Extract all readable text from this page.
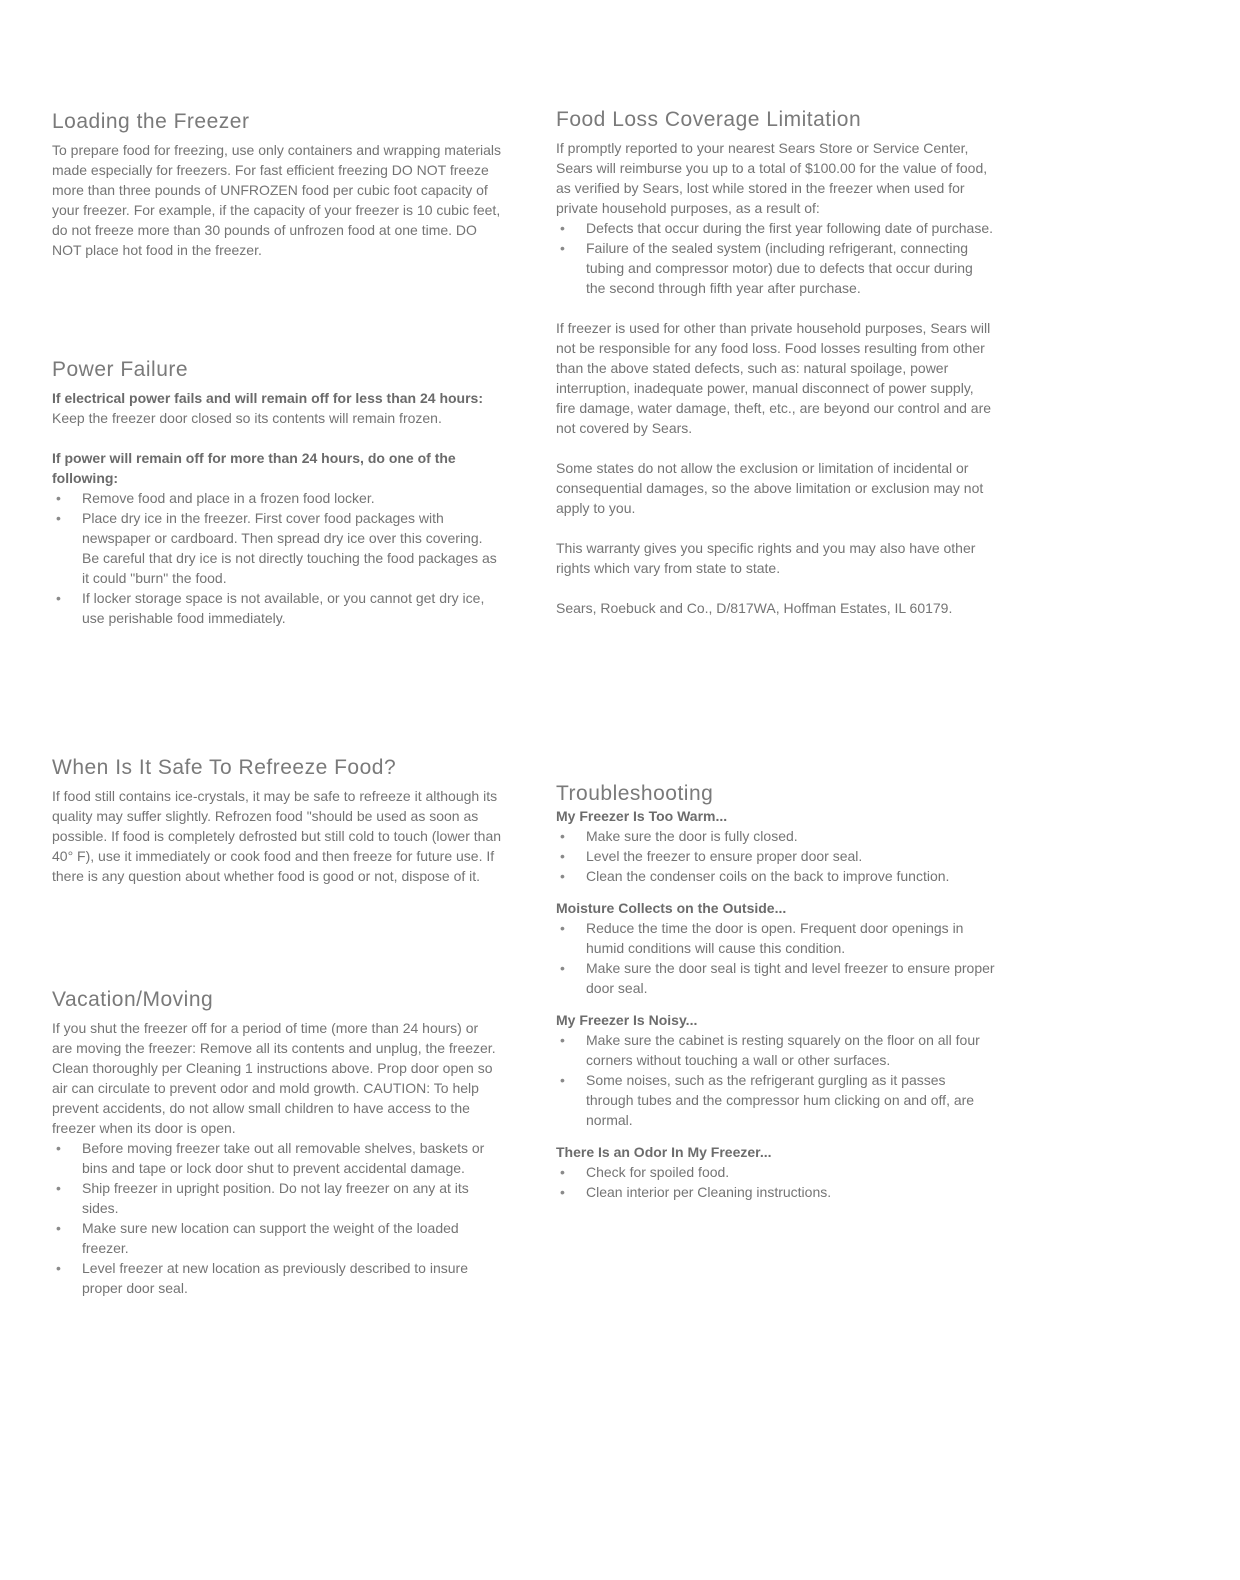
Loading the Freezer

To prepare food for freezing, use only containers and wrapping materials made especially for freezers. For fast efficient freezing DO NOT freeze more than three pounds of UNFROZEN food per cubic foot capacity of your freezer. For example, if the capacity of your freezer is 10 cubic feet, do not freeze more than 30 pounds of unfrozen food at one time. DO NOT place hot food in the freezer.

Power Failure

If electrical power fails and will remain off for less than 24 hours: Keep the freezer door closed so its contents will remain frozen.

If power will remain off for more than 24 hours, do one of the following:

• Remove food and place in a frozen food locker.
• Place dry ice in the freezer. First cover food packages with newspaper or cardboard. Then spread dry ice over this covering. Be careful that dry ice is not directly touching the food packages as it could "burn" the food.
• If locker storage space is not available, or you cannot get dry ice, use perishable food immediately.
When Is It Safe To Refreeze Food?

If food still contains ice-crystals, it may be safe to refreeze it although its quality may suffer slightly. Refrozen food "should be used as soon as possible. If food is completely defrosted but still cold to touch (lower than 40° F), use it immediately or cook food and then freeze for future use. If there is any question about whether food is good or not, dispose of it.

Vacation/Moving

If you shut the freezer off for a period of time (more than 24 hours) or are moving the freezer: Remove all its contents and unplug, the freezer. Clean thoroughly per Cleaning 1 instructions above. Prop door open so air can circulate to prevent odor and mold growth. CAUTION: To help prevent accidents, do not allow small children to have access to the freezer when its door is open.

• Before moving freezer take out all removable shelves, baskets or bins and tape or lock door shut to prevent accidental damage.
• Ship freezer in upright position. Do not lay freezer on any at its sides.
• Make sure new location can support the weight of the loaded freezer.
• Level freezer at new location as previously described to insure proper door seal.
Food Loss Coverage Limitation

If promptly reported to your nearest Sears Store or Service Center, Sears will reimburse you up to a total of $100.00 for the value of food, as verified by Sears, lost while stored in the freezer when used for private household purposes, as a result of:

• Defects that occur during the first year following date of purchase.
• Failure of the sealed system (including refrigerant, connecting tubing and compressor motor) due to defects that occur during the second through fifth year after purchase.

If freezer is used for other than private household purposes, Sears will not be responsible for any food loss. Food losses resulting from other than the above stated defects, such as: natural spoilage, power interruption, inadequate power, manual disconnect of power supply, fire damage, water damage, theft, etc., are beyond our control and are not covered by Sears.

Some states do not allow the exclusion or limitation of incidental or consequential damages, so the above limitation or exclusion may not apply to you.

This warranty gives you specific rights and you may also have other rights which vary from state to state.

Sears, Roebuck and Co., D/817WA, Hoffman Estates, IL 60179.

Troubleshooting
My Freezer Is Too Warm...
• Make sure the door is fully closed.
• Level the freezer to ensure proper door seal.
• Clean the condenser coils on the back to improve function.
Moisture Collects on the Outside...
• Reduce the time the door is open. Frequent door openings in humid conditions will cause this condition.
• Make sure the door seal is tight and level freezer to ensure proper door seal.
My Freezer Is Noisy...
• Make sure the cabinet is resting squarely on the floor on all four corners without touching a wall or other surfaces.
• Some noises, such as the refrigerant gurgling as it passes through tubes and the compressor hum clicking on and off, are normal.
There Is an Odor In My Freezer...
• Check for spoiled food.
• Clean interior per Cleaning instructions.
